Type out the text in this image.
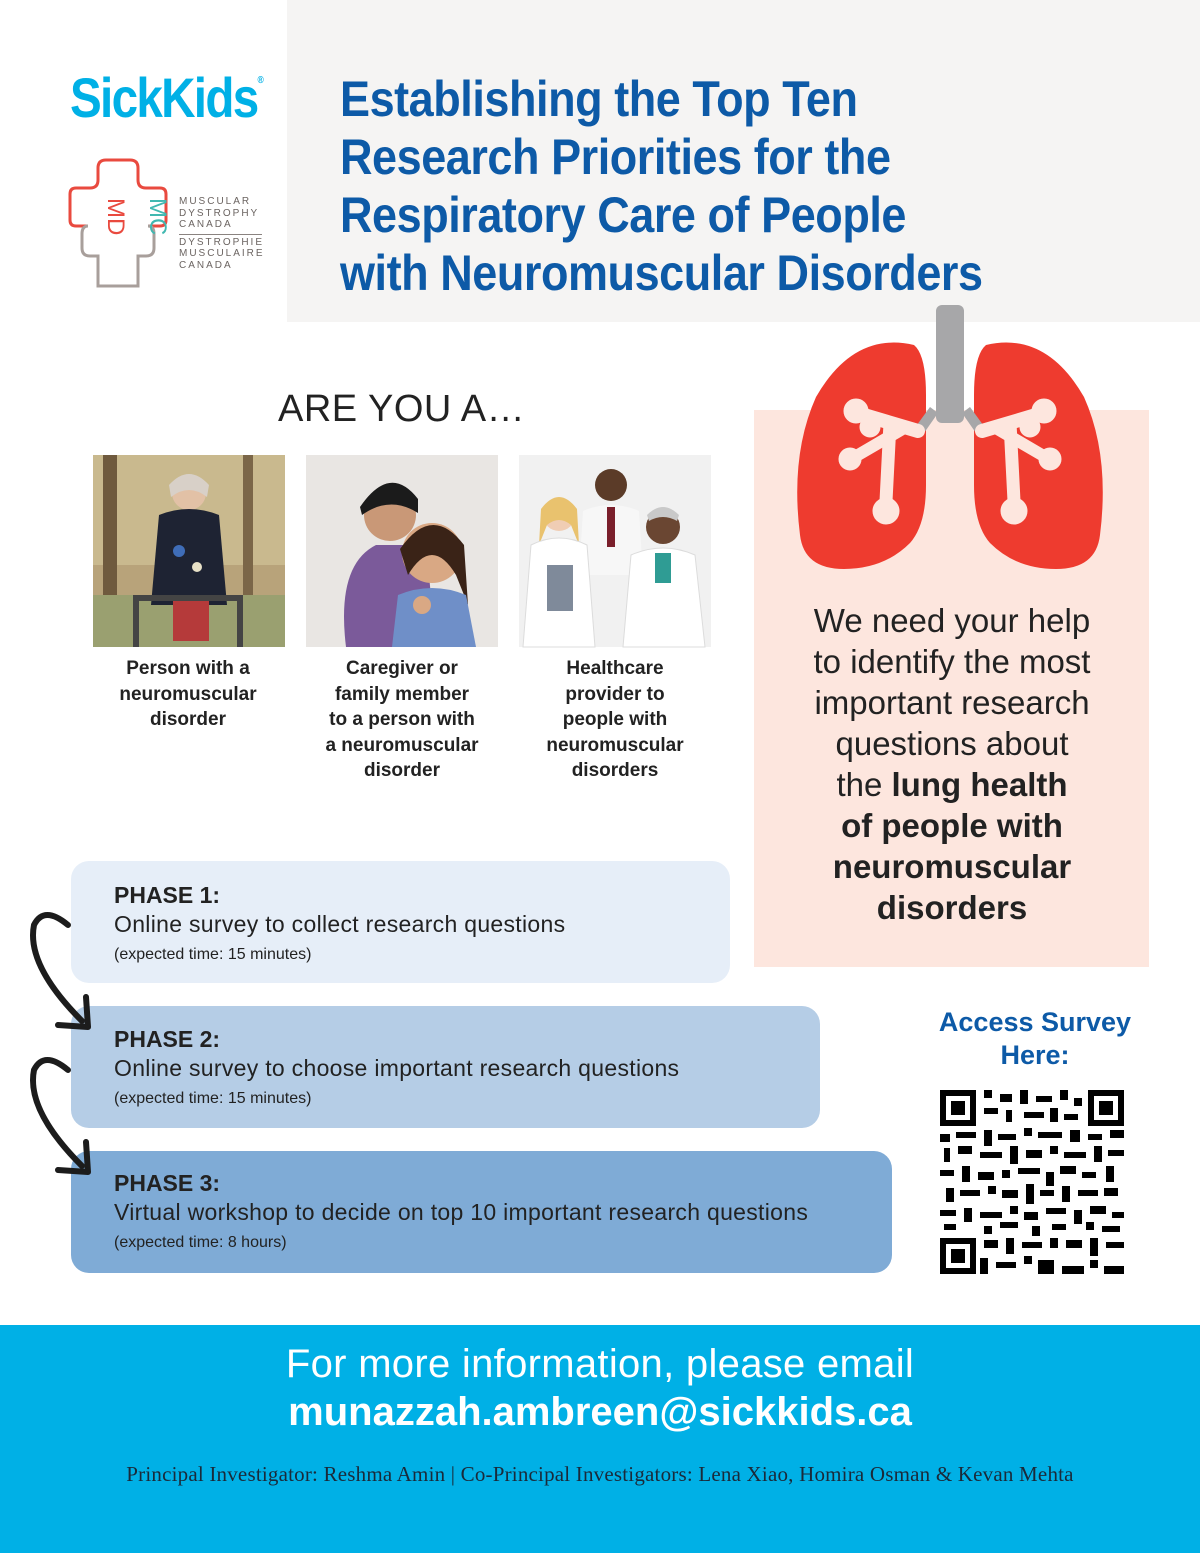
SickKids®
MD MC MUSCULAR
DYSTROPHY
CANADA
DYSTROPHIE
MUSCULAIRE
CANADA
Establishing the Top Ten
Research Priorities for the
Respiratory Care of People
with Neuromuscular Disorders
ARE YOU A…
Person with a
neuromuscular
disorder
Caregiver or
family member
to a person with
a neuromuscular
disorder
Healthcare
provider to
people with
neuromuscular
disorders
We need your help
to identify the most
important research
questions about
the lung health
of people with
neuromuscular
disorders
PHASE 1:
Online survey to collect research questions
(expected time: 15 minutes)
PHASE 2:
Online survey to choose important research questions
(expected time: 15 minutes)
PHASE 3:
Virtual workshop to decide on top 10 important research questions
(expected time: 8 hours)
Access Survey
Here:
For more information, please email
munazzah.ambreen@sickkids.ca
Principal Investigator: Reshma Amin | Co-Principal Investigators: Lena Xiao, Homira Osman & Kevan Mehta
